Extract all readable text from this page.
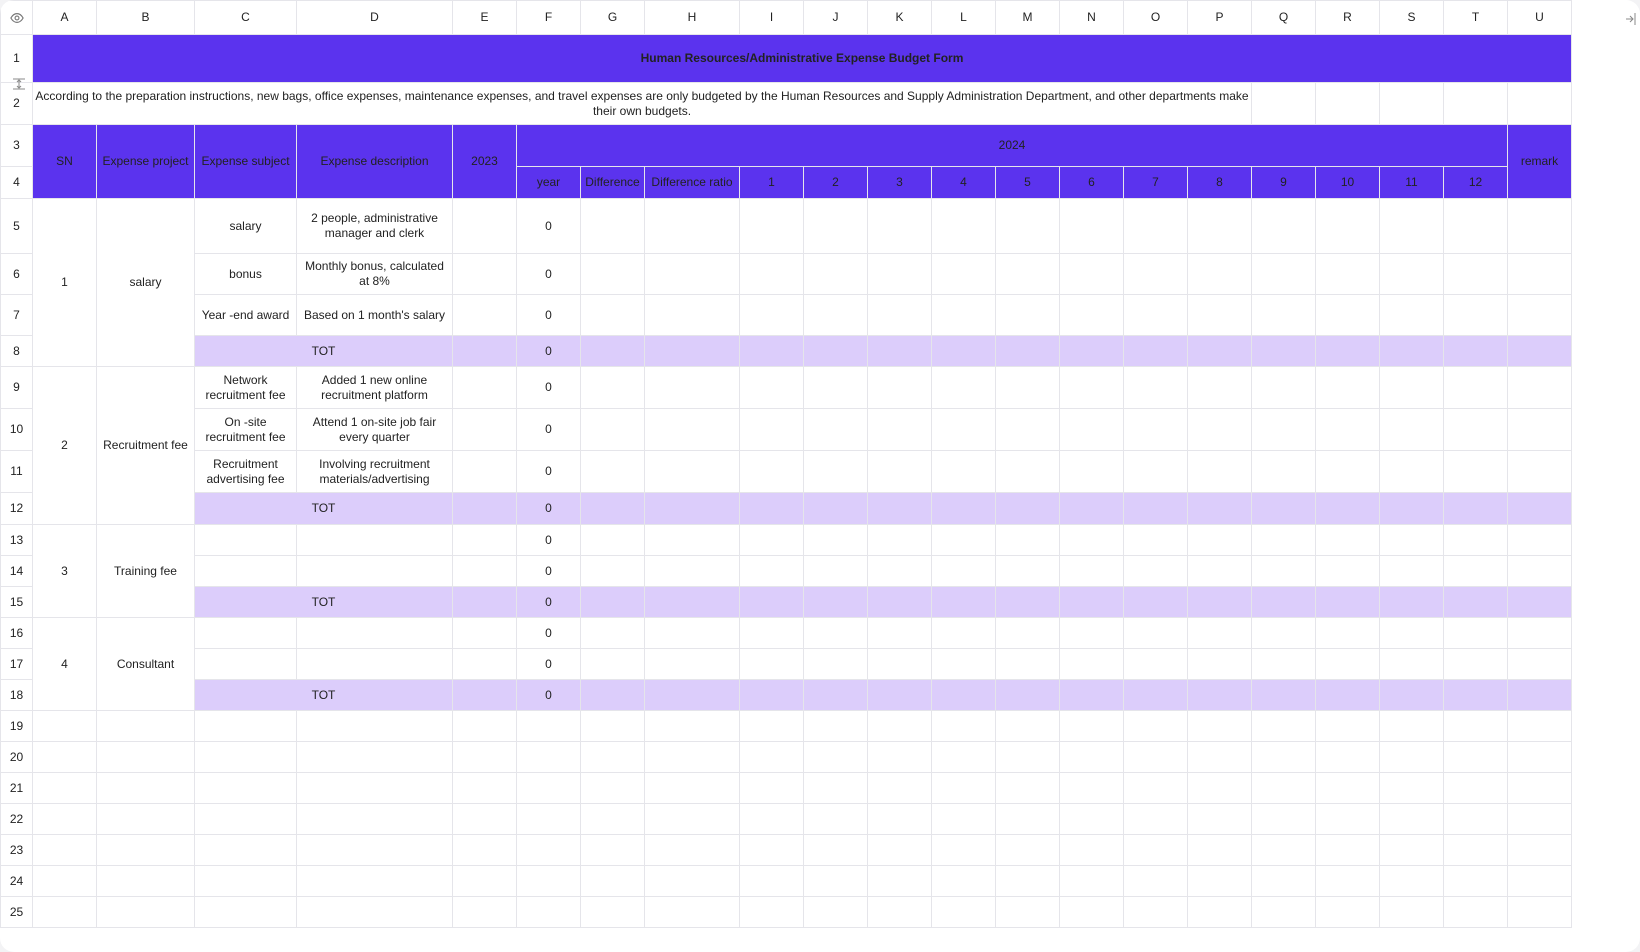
	A	B	C	D	E	F	G	H	I	J	K	L	M	N	O	P	Q	R	S	T	U
1	Human Resources/Administrative Expense Budget Form																				
2	According to the preparation instructions, new bags, office expenses, maintenance expenses, and travel expenses are only budgeted by the Human Resources and Supply Administration Department, and other departments make their own budgets.																				
3	SN	Expense project	Expense subject	Expense description	2023	2024															remark
4						year	Difference	Difference ratio	1	2	3	4	5	6	7	8	9	10	11	12	
5	1	salary	salary	2 people, administrative manager and clerk		0															
6			bonus	Monthly bonus, calculated at 8%		0															
7			Year -end award	Based on 1 month's salary		0															
8			TOT			0															
9	2	Recruitment fee	Network recruitment fee	Added 1 new online recruitment platform		0															
10			On -site recruitment fee	Attend 1 on-site job fair every quarter		0															
11			Recruitment advertising fee	Involving recruitment materials/advertising		0															
12			TOT			0															
13	3	Training fee				0															
14						0															
15			TOT			0															
16	4	Consultant				0															
17						0															
18			TOT			0															
19																					
20																					
21																					
22																					
23																					
24																					
25																					
